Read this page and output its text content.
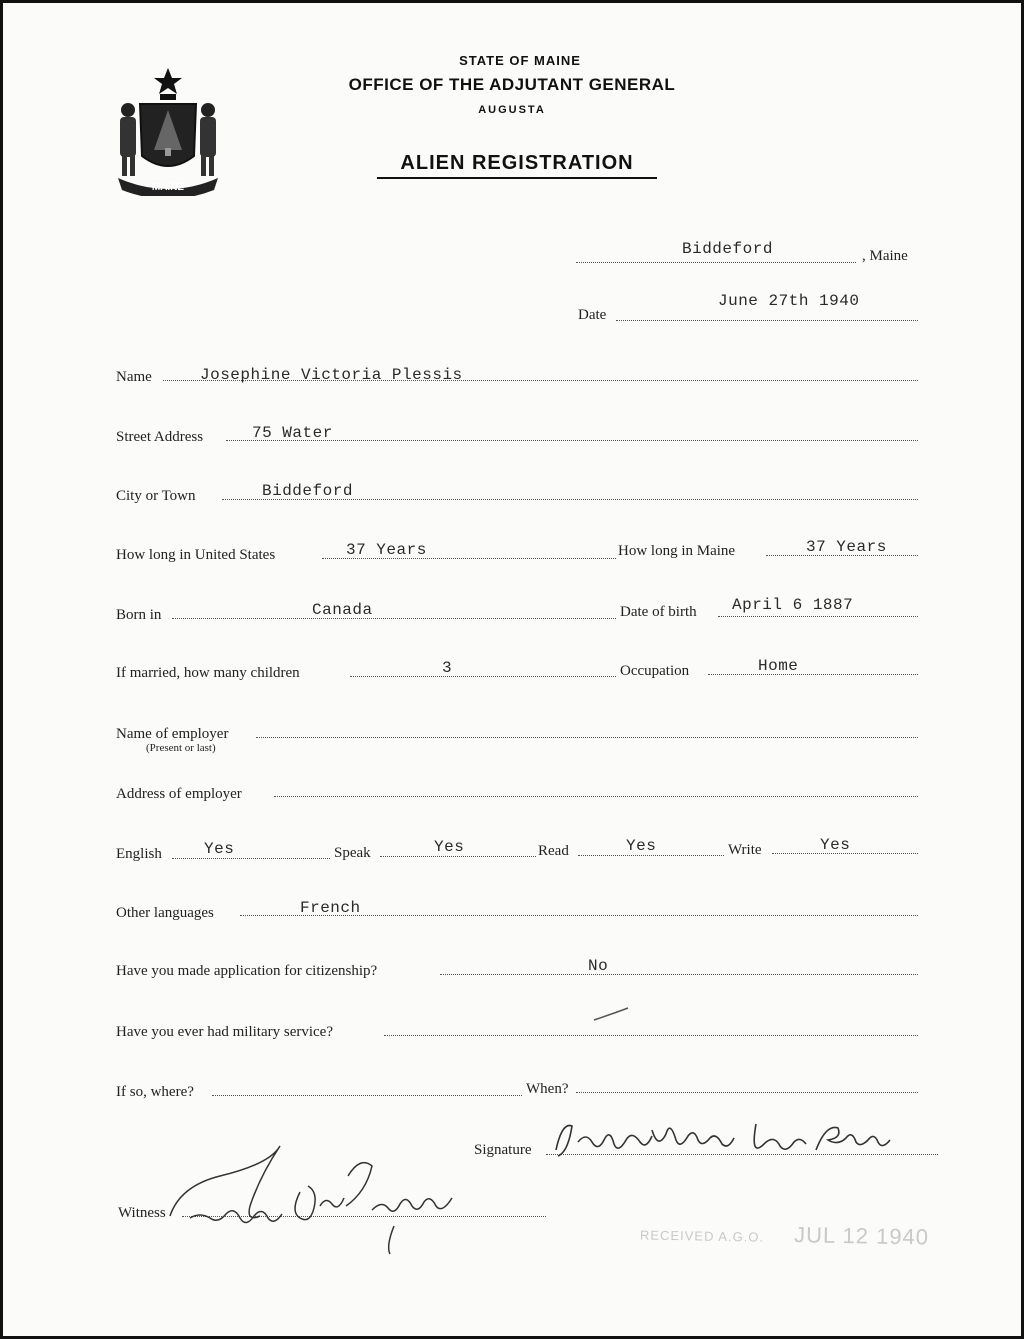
MAINE
STATE OF MAINE
OFFICE OF THE ADJUTANT GENERAL
AUGUSTA
ALIEN REGISTRATION
Biddeford	, Maine
Date
June 27th 1940
Name	Josephine Victoria Plessis
Street Address	75 Water
City or Town	Biddeford
How long in United States	37 Years	How long in Maine	37 Years
Born in	Canada	Date of birth April 6 1887
If married, how many children	3	Occupation	Home
Name of employer
(Present or last)
Address of employer
English	Yes	Speak	Yes	Read	Yes	Write	Yes
Other languages	French
Have you made application for citizenship?	No
Have you ever had military service?
If so, where?	When?
Signature
Witness
RECEIVED A.G.O. JUL 12 1940
